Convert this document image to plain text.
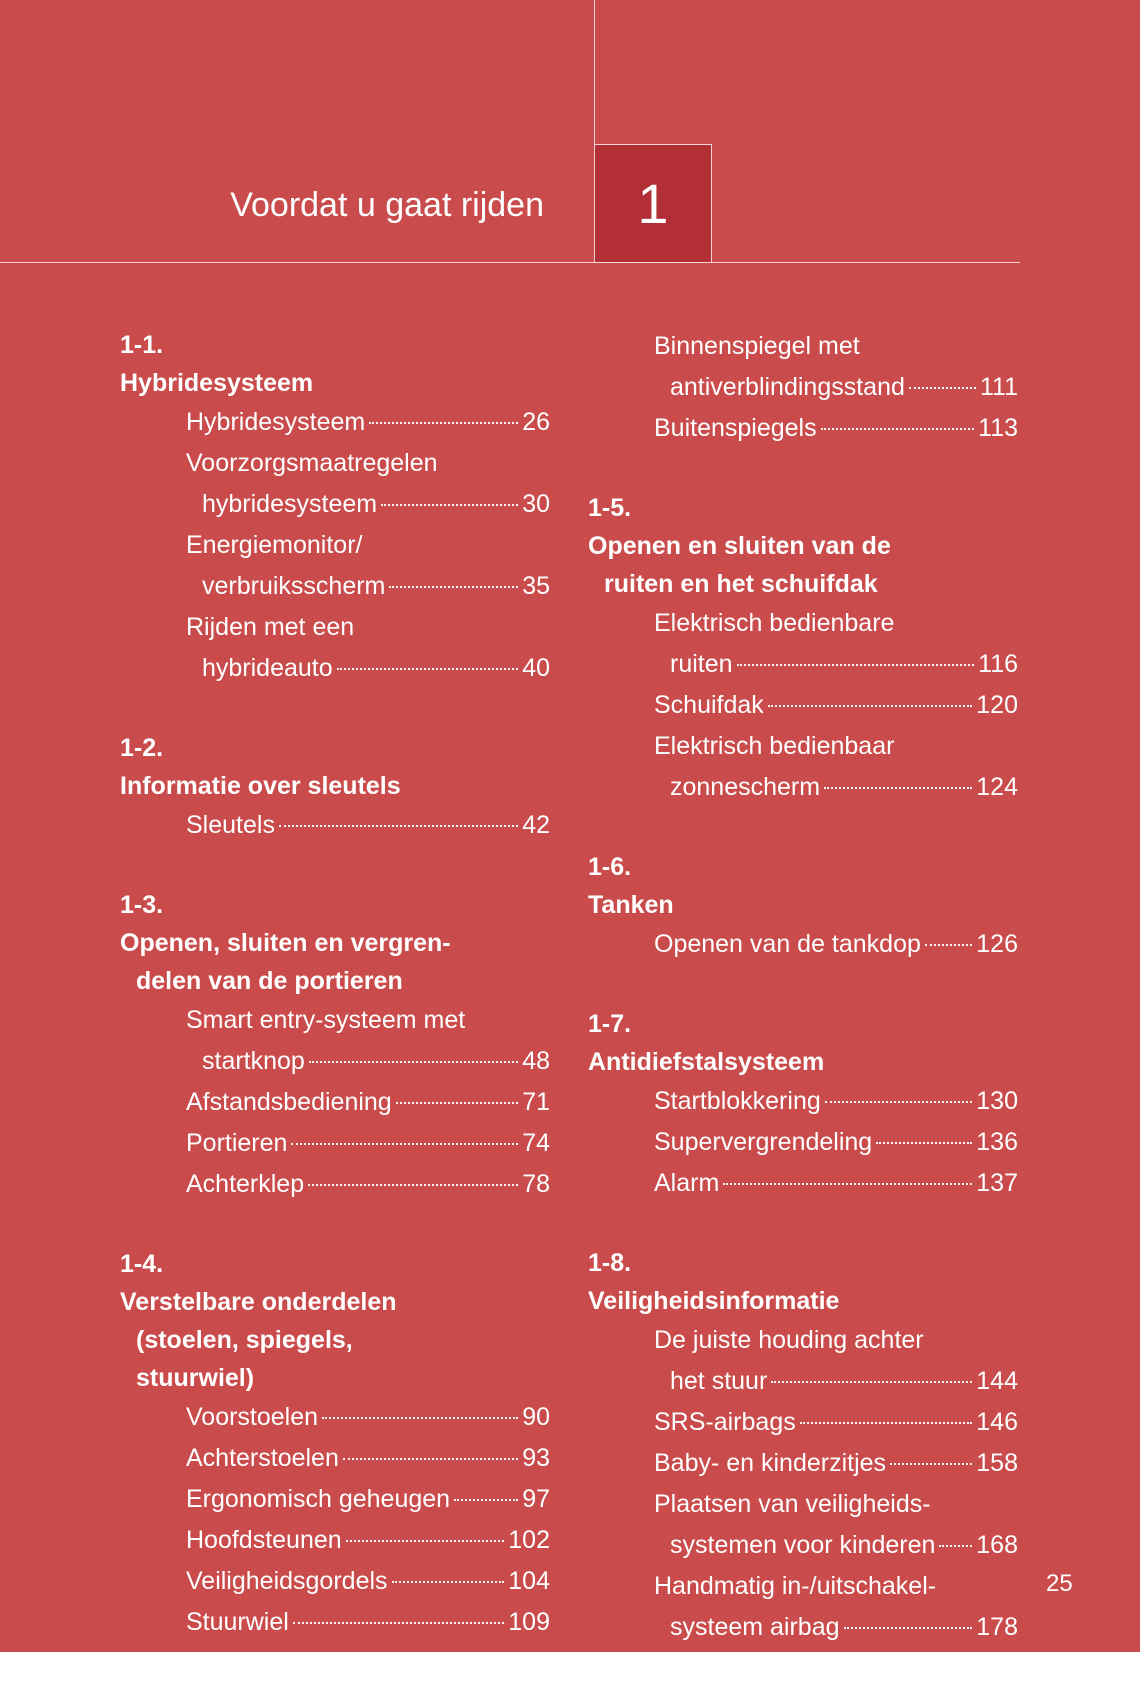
Voordat u gaat rijden 1
1-1.
Hybridesysteem
Hybridesysteem	26
Voorzorgsmaatregelen
hybridesysteem	30
Energiemonitor/
verbruiksscherm	35
Rijden met een
hybrideauto	40
1-2.
Informatie over sleutels
Sleutels	42
1-3.
Openen, sluiten en vergren-
delen van de portieren
Smart entry-systeem met
startknop	48
Afstandsbediening	71
Portieren	74
Achterklep	78
1-4.
Verstelbare onderdelen
(stoelen, spiegels,
stuurwiel)
Voorstoelen	90
Achterstoelen	93
Ergonomisch geheugen	97
Hoofdsteunen	102
Veiligheidsgordels	104
Stuurwiel	109
Binnenspiegel met
antiverblindingsstand	111
Buitenspiegels	113
1-5.
Openen en sluiten van de
ruiten en het schuifdak
Elektrisch bedienbare
ruiten	116
Schuifdak	120
Elektrisch bedienbaar
zonnescherm	124
1-6.
Tanken
Openen van de tankdop 126
1-7.
Antidiefstalsysteem
Startblokkering	130
Supervergrendeling	136
Alarm	137
1-8.
Veiligheidsinformatie
De juiste houding achter
het stuur	144
SRS-airbags	146
Baby- en kinderzitjes	158
Plaatsen van veiligheids-
systemen voor kinderen 168
Handmatig in-/uitschakel-
systeem airbag	178
25
